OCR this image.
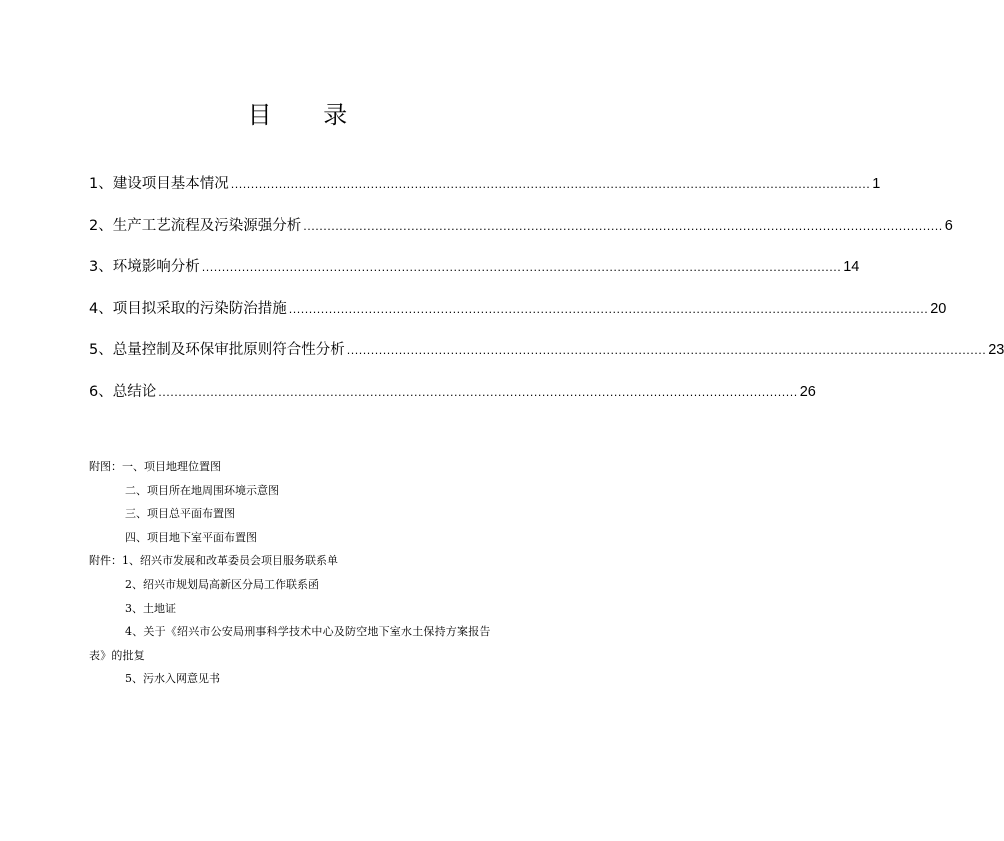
目 录
1、建设项目基本情况 ................................................................................................................................................................ 1
2、生产工艺流程及污染源强分析 ................................................................................................................................................................ 6
3、环境影响分析 ................................................................................................................................................................ 14
4、项目拟采取的污染防治措施 ................................................................................................................................................................ 20
5、总量控制及环保审批原则符合性分析 ................................................................................................................................................................ 23
6、总结论 ................................................................................................................................................................ 26
附图：一、项目地理位置图
二、项目所在地周围环境示意图
三、项目总平面布置图
四、项目地下室平面布置图
附件：1、绍兴市发展和改革委员会项目服务联系单
2、绍兴市规划局高新区分局工作联系函
3、土地证
4、关于《绍兴市公安局刑事科学技术中心及防空地下室水土保持方案报告表》的批复
5、污水入网意见书
